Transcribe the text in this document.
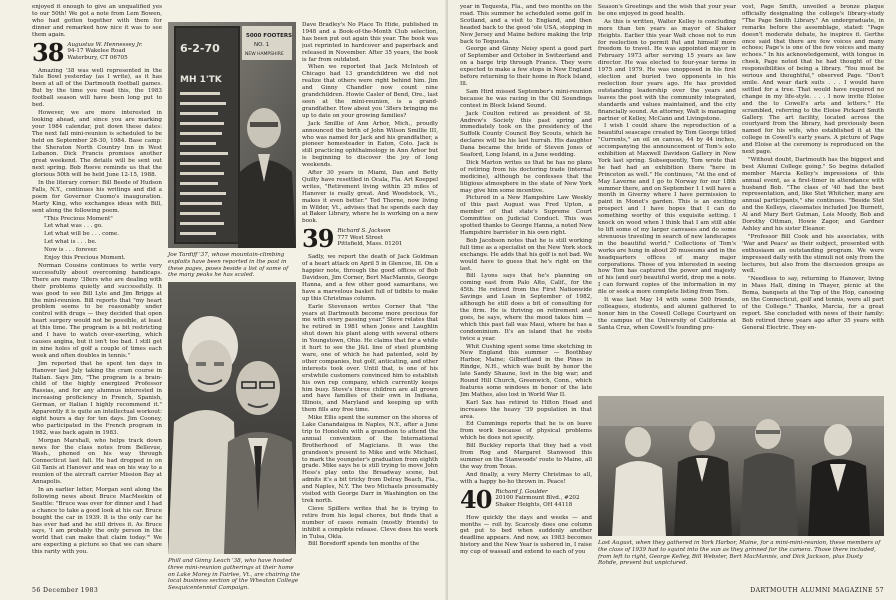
enjoyed it enough to give an unqualified yes to our 50th! We got a note from Lem Bowen, who had gotten together with them for dinner and remarked how nice it was to see them again.

38 Augustus W. Hennessey Jr.
94-17 Wakelee Road
Waterbury, CT 06705

Amazing '38 was well represented in the Yale Bowl yesterday (as I write), as it has been at all of the Dartmouth football games. But by the time you read this, the 1983 football season will have been long put to bed.

However, we are more interested in looking ahead, and since you are marking your 1984 calendar, put down these dates: The next fall mini-reunion is scheduled to be held on September 28-30, 1984. Base camp: the Sheraton North Country Inn in West Lebanon. Dick Francis promises another great weekend. The details will be sent out next spring. Bob Reeve reminds us that the glorious 50th will be held June 12-15, 1988.

In the literary corner: Bill Beede of Hudson Falls, N.Y., continues his writings and did a poem for Governor Cuomo's inauguration. Marty King, who exchanges ideas with Bill, sent along the following poem.

"This Precious Moment"

Let what was . . . go.

Let what will be . . . come.

Let what is . . . be.

Now is . . . forever.

Enjoy this Precious Moment.

Norman Cousins continues to write very successfully about overcoming handicaps. There are many '38ers who are dealing with their problems quietly and successfully. It was good to see Bill Lyle and Jim Briggs at the mini-reunion. Bill reports that "my heart problem seems to be reasonably under control with drugs — they decided that open heart surgery would not be possible, at least at this time. The program is a bit restricting and I have to watch over-exerting, which causes angina, but it isn't too bad. I still get in nine holes of golf a couple of times each week and often doubles in tennis."

Jim reported that he spent ten days in Hanover last July taking the cram course in Italian. Says Jim, "The program is a brain-child of the highly energized Professor Rassias, and for any alumnus interested in increasing proficiency in French, Spanish, German, or Italian I highly recommend it." Apparently it is quite an intellectual workout: eight hours a day for ten days. Jim Cooney, who participated in the French program in 1982, was back again in 1983.

Morgan Marshall, who helps track down news for the class notes from Bellevue, Wash., phoned on his way through Connecticut last fall. He had dropped in on Gil Tanis at Hanover and was on his way to a reunion of the aircraft carrier Mission Bay at Annapolis.

In an earlier letter, Morgan sent along the following news about Bruce MacMeekin of Seattle: "Bruce was over for dinner and I had a chance to take a good look at his car. Bruce bought the car in 1939. It is the only car he has ever had and he still drives it. As Bruce says, 'I am probably the only person in the world that can make that claim today.'" We are expecting a picture so that we can share this rarity with you.

6-2-70
MH 1'TK
5000 FOOTERS
NO. 1
NEW HAMPSHIRE
Joe Tardiff '37, whose mountain-climbing exploits have been reported in the past in these pages, poses beside a list of some of the many peaks he has scaled.
Phill and Ginny Leach '38, who have hosted three mini-reunion gatherings at their home on Lake Morey in Fairlee, Vt., are chairing the local business section of the Wheaton College Sesquicentennial Campaign.

Dave Bradley's No Place To Hide, published in 1948 and a Book-of-the-Month Club selection, has been put out again this year. The book was just reprinted in hardcover and paperback and released in November. After 35 years, the book is far from outdated.

When we reported that Jack McIntosh of Chicago had 13 grandchildren we did not realize that others were right behind him. Jim and Ginny Chandler now count nine grandchildren. Howie Casler of Bend, Ore., last seen at the mini-reunion, is a grand-grandfather. How about you '38ers bringing me up to date on your growing families?

Jack Smillie of Ann Arbor, Mich., proudly announced the birth of John Wilson Smillie III, who was named for Jack and his grandfather, a pioneer homesteader in Eaton, Colo. Jack is still practicing ophthalmology in Ann Arbor but is beginning to discover the joy of long weekends.

After 30 years in Miami, Dan and Betty Quilty have resettled in Ocala, Fla. Art Koeppel writes, "Retirement living within 25 miles of Hanover is really great. And Woodstock, Vt., makes it even better." Ted Thorne, now living in Wilder, Vt., advises that he spends each day at Baker Library, where he is working on a new book.

39 Richard S. Jackson
777 West Street
Pittsfield, Mass. 01201

Sadly, we report the death of Jack Goldman of a heart attack on April 5 in Glencoe, Ill. On a happier note, through the good offices of Bob Davidson, Jim Corner, Bert MacMannis, George Hanna, and a few other good samaritans, we have a marvelous basket full of tidbits to make up this Christmas column.

Earle Stevenson writes Corner that "the years at Dartmouth become more precious for me with every passing year." Steve relates that he retired in 1981 when Jones and Laughlin shut down his plant along with several others in Youngstown, Ohio. He claims that for a while it hurt to see the J&L line of steel plumbing ware, one of which he had patented, sold by other companies, but golf, anticating, and other interests took over. Until that, is one of his erstwhile customers convinced him to establish his own rep company, which currently keeps him busy. Steve's three children are all grown and have families of their own in Indiana, Illinois, and Maryland and keeping up with them fills any free time.

Mike Ellis spent the summer on the shores of Lake Canandaigua in Naples, N.Y., after a June trip to Honolulu with a grandson to attend the annual convention of the International Brotherhood of Magicians. It was the grandson's present to Mike and wife Michael, to mark the youngster's graduation from eighth grade. Mike says he is still trying to move John Hess's play onto the Broadway scene, but admits it's a bit tricky from Delray Beach, Fla., and Naples, N.Y. The two Michaels presumably visited with George Darr in Washington on the trek north.

Cleve Spillers writes that he is trying to retire from his legal chores, but finds that a number of cases remain (mostly friends) to inhibit a complete release. Cleve does his work in Tulsa, Okla.

Bill Borsdorff spends ten months of the

56 December 1983

year in Tequesta, Fla., and two months on the road. This summer he scheduled some golf in Scotland, and a visit to England, and then headed back to the good 'ole USA, stopping in New Jersey and Maine before making the trip back to Tequesta.

George and Ginny Neisy spent a good part of September and October in Switzerland and on a barge trip through France. They were expected to make a few stops in New England before returning to their home in Rock Island, Ill.

Sam Hird missed September's mini-reunion because he was racing in the Oil Soundings contest in Block Island Sound.

Jack Coulton retired as president of St. Andrew's Society this past spring and immediately took on the presidency of the Suffolk County Council Boy Scouts, which he declares will be his last hurrah. His daughter Dana became the bride of Steven Jones of Seaford, Long Island, in a June wedding.

Dick Marton writes us that he has no plans of retiring from his doctoring trade (internal medicine), although he confesses that the litigious atmosphere in the state of New York may give him some incentive.

Pictured in a New Hampshire Law Weekly of this past August was Fred Upton, a member of that state's Supreme Court Committee on Judicial Conduct. This was spotted thanks to George Hanna, a noted New Hampshire barrister in his own right.

Bob Jacobson notes that he is still working full time as a specialist on the New York stock exchange. He adds that his golf is not bad. We would have to guess that he's right on the last.

Bill Lyons says that he's planning on coming east from Palo Alto, Calif., for the 45th. He retired from the First Nationwide Savings and Loan in September of 1982, although he still does a bit of consulting for the firm. He is thriving on retirement and goes, he says, where the mood takes him — which this past fall was Maui, where he has a condominium. It's an island that he visits twice a year.

Whit Cushing spent some time sketching in New England this summer — Boothbay Harbor, Maine; Gilbertland in the Pines in Rindge, N.H., which was built by honor the late Sandy Shaune, lost in the big war; and Round Hill Church, Greenwich, Conn., which features some windows in honor of the late Jim Mathes, also lost in World War II.

Karl Sax has retired to Hilton Head and increases the heavy '39 population in that area.

Ed Cummings reports that he is on leave from work because of physical problems which he does not specify.

Bill Buckley reports that they had a visit from Rog and Margaret Stanwood this summer on the Stanwoods' route to Maine, all the way from Texas.

And finally, a very Merry Christmas to all, with a happy ho-ho thrown in. Peace!

40 Richard J. Goulder
20100 Fairmount Blvd., #202
Shaker Heights, OH 44118

How quickly the days and weeks — and months — roll by. Scarcely does one column get put to bed when suddenly another deadline appears. And now, as 1983 becomes history and the New Year is ushered in, I raise my cup of wassail and extend to each of you

Season's Greetings and the wish that your year be one enjoyed in good health.

As this is written, Walter Kelley is concluding more than ten years as mayor of Shaker Heights. Earlier this year Walt chose not to run for reelection to permit Pat and himself more freedom to travel. He was appointed mayor in February 1973 after serving 15 years as law director. He was elected to four-year terms in 1975 and 1979. He was unopposed in his first election and buried two opponents in his reelection four years ago. He has provided outstanding leadership over the years and leaves the post with the community integrated, standards and values maintained, and the city financially sound. An attorney, Walt is managing partner of Kelley, McCann and Livingstone.

I wish I could share the reproduction of a beautiful seascape created by Tom George titled "Currents," an oil on canvas, 44 by 44 inches, accompanying the announcement of Tom's solo exhibition at Maxwell Davidson Gallery in New York last spring. Subsequently, Tom wrote that he had had an exhibition there "here in Princeton as well." He continues, "At the end of May Laverne and I go to Norway for our 18th summer there, and on September 1 I will have a month in Giverny where I have permission to paint in Monet's garden. This is an exciting prospect and I have hopes that I can do something worthy of this exquisite setting. I knock on wood when I think that I am still able to lift some of my larger canvases and do some strenuous traveling in search of new landscapes in the beautiful world." Collections of Tom's works are hung in about 20 museums and in the headquarters offices of many major corporations. Those of you interested in seeing how Tom has captured the power and majesty of his (and our) beautiful world, drop me a note. I can forward copies of the information in my file or seek a more complete listing from Tom.

It was last May 14 with some 500 friends, colleagues, students, and alumni gathered to honor him in the Cowell College Courtyard on the campus of the University of California at Santa Cruz, when Cowell's founding pro-

vost, Page Smith, unveiled a bronze plaque officially designating the college's library-study "The Page Smith Library." An undergraduate, in remarks before the assemblage, stated: "Page doesn't moderate debate, he inspires it. Gerthe once said that there are few voices and many echoes; Page's is one of the few voices and many echoes." In his acknowledgement, with tongue in cheek, Page noted that he had thought of the responsibilities of being a library. "You must be serious and thoughtful," observed Page. "Don't smile. And wear dark suits . . . I would have settled for a tree. That would have required no change in my life-style. . . . I now invite Eloise and the to Cowell's arts and letters." He scrambled, referring to the Eloise Pickard Smith Gallery. The art facility, located across the courtyard from the library, had previously been named for his wife, who established it at the college in Cowell's early years. A picture of Page and Eloise at the ceremony is reproduced on the next page.

"Without doubt, Dartmouth has the biggest and best Alumni College going." So begins detailed member Marcia Kelley's impressions of this annual event, as a first-timer in attendance with husband Bob. "The class of '40 had the best representation, and, like Stet Whitcher, many are annual participants," she continues. "Beside Stet and the Kelleys, classmates included Joe Burnett, Al and Mary Bert Gutman, Lois Moody, Bob and Dorothy Ottman, Howie Zagor, and Gardner Ashley and his sister Eleanor.

"Professor Bill Cook and his associates, with 'War and Peace' as their subject, presented with enthusiasm an outstanding program. We were impressed daily with the stimuli not only from the lectures, but also from the discussion groups as well.

"Needless to say, returning to Hanover, living in Mass Hall, dining in Thayer, picnic at the Bema, banquets at the Top of the Hop, canoeing on the Connecticut, golf and tennis, were all part of the College." Thanks, Marcia, for a great report. She concluded with news of their family: Bob retired three years ago after 35 years with General Electric. They en-

Last August, when they gathered in York Harbor, Maine, for a mini-mini-reunion, these members of the class of 1939 had to squint into the sun as they grinned for the camera. Those there included, from left to right, George Kelley, Bill Webster, Bert MacMannis, and Dick Jackson, plus Dusty Rohde, prevent but unpictured.
DARTMOUTH ALUMNI MAGAZINE 57
